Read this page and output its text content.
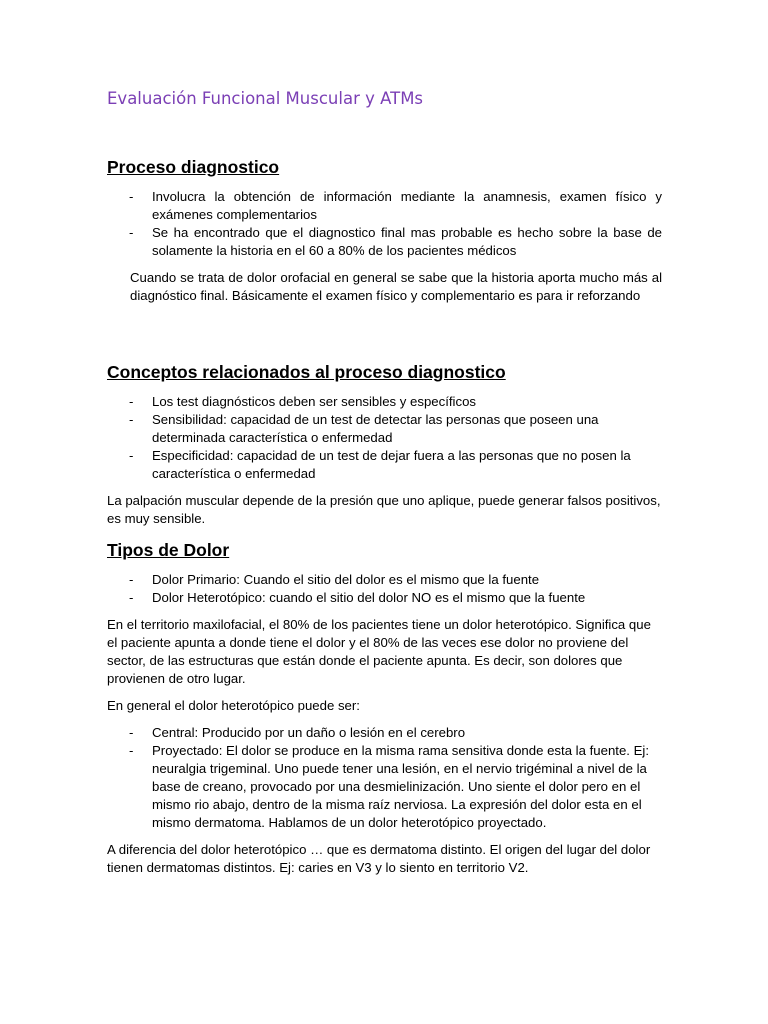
Evaluación Funcional Muscular y ATMs
Proceso diagnostico
- Involucra la obtención de información mediante la anamnesis, examen físico y exámenes complementarios
- Se ha encontrado que el diagnostico final mas probable es hecho sobre la base de solamente la historia en el 60 a 80% de los pacientes médicos

Cuando se trata de dolor orofacial en general se sabe que la historia aporta mucho más al diagnóstico final. Básicamente el examen físico y complementario es para ir reforzando

Conceptos relacionados al proceso diagnostico
- Los test diagnósticos deben ser sensibles y específicos
- Sensibilidad: capacidad de un test de detectar las personas que poseen una determinada característica o enfermedad
- Especificidad: capacidad de un test de dejar fuera a las personas que no posen la característica o enfermedad

La palpación muscular depende de la presión que uno aplique, puede generar falsos positivos, es muy sensible.

Tipos de Dolor
- Dolor Primario: Cuando el sitio del dolor es el mismo que la fuente
- Dolor Heterotópico: cuando el sitio del dolor NO es el mismo que la fuente

En el territorio maxilofacial, el 80% de los pacientes tiene un dolor heterotópico. Significa que el paciente apunta a donde tiene el dolor y el 80% de las veces ese dolor no proviene del sector, de las estructuras que están donde el paciente apunta. Es decir, son dolores que provienen de otro lugar.

En general el dolor heterotópico puede ser:

- Central: Producido por un daño o lesión en el cerebro
- Proyectado: El dolor se produce en la misma rama sensitiva donde esta la fuente. Ej: neuralgia trigeminal. Uno puede tener una lesión, en el nervio trigéminal a nivel de la base de creano, provocado por una desmielinización. Uno siente el dolor pero en el mismo rio abajo, dentro de la misma raíz nerviosa. La expresión del dolor esta en el mismo dermatoma. Hablamos de un dolor heterotópico proyectado.

A diferencia del dolor heterotópico … que es dermatoma distinto. El origen del lugar del dolor tienen dermatomas distintos. Ej: caries en V3 y lo siento en territorio V2.
